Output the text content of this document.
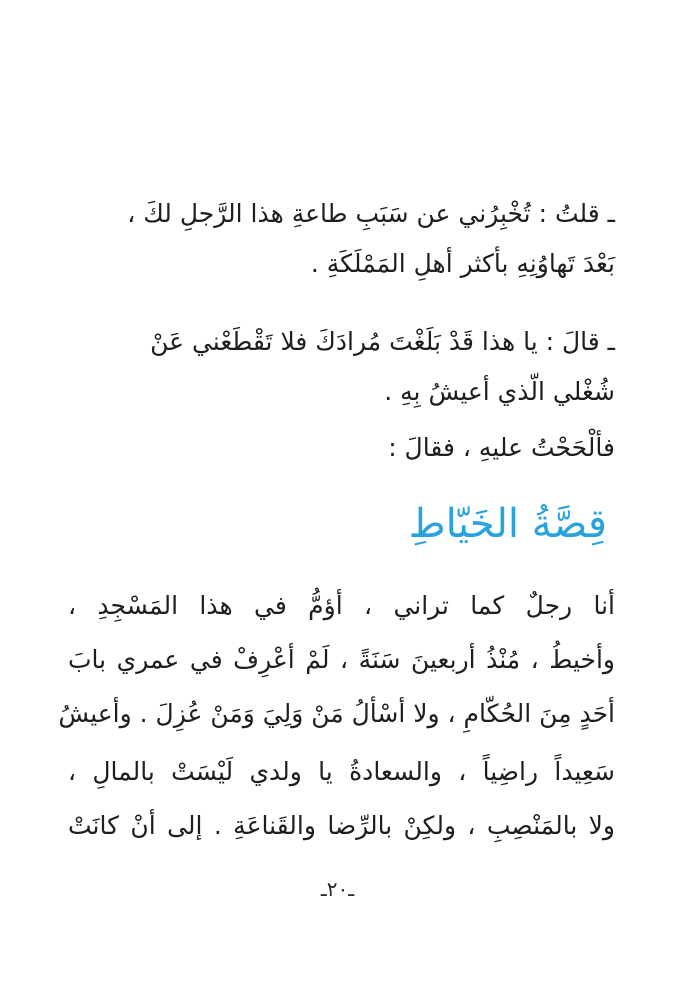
ـ قلتُ : تُخْبِرُني عن سَبَبِ طاعةِ هذا الرَّجلِ لكَ ،
بَعْدَ تَهاوُنِهِ بأكثر أهلِ المَمْلَكَةِ .
ـ قالَ : يا هذا قَدْ بَلَغْتَ مُرادَكَ فلا تَقْطَعْني عَنْ
شُغْلي الّذي أعيشُ بِهِ .
فألْحَحْتُ عليهِ ، فقالَ :
قِصَّةُ الخَيّاطِ
أنا رجلٌ كما تراني ، أؤمُّ في هذا المَسْجِدِ ،
وأخيطُ ، مُنْذُ أربعينَ سَنَةً ، لَمْ أعْرِفْ في عمري بابَ
أحَدٍ مِنَ الحُكّامِ ، ولا أسْألُ مَنْ وَلِيَ وَمَنْ عُزِلَ . وأعيشُ
سَعِيداً راضِياً ، والسعادةُ يا ولدي لَيْسَتْ بالمالِ ،
ولا بالمَنْصِبِ ، ولكِنْ بالرِّضا والقَناعَةِ . إلى أنْ كانَتْ
ـ٢٠ـ
